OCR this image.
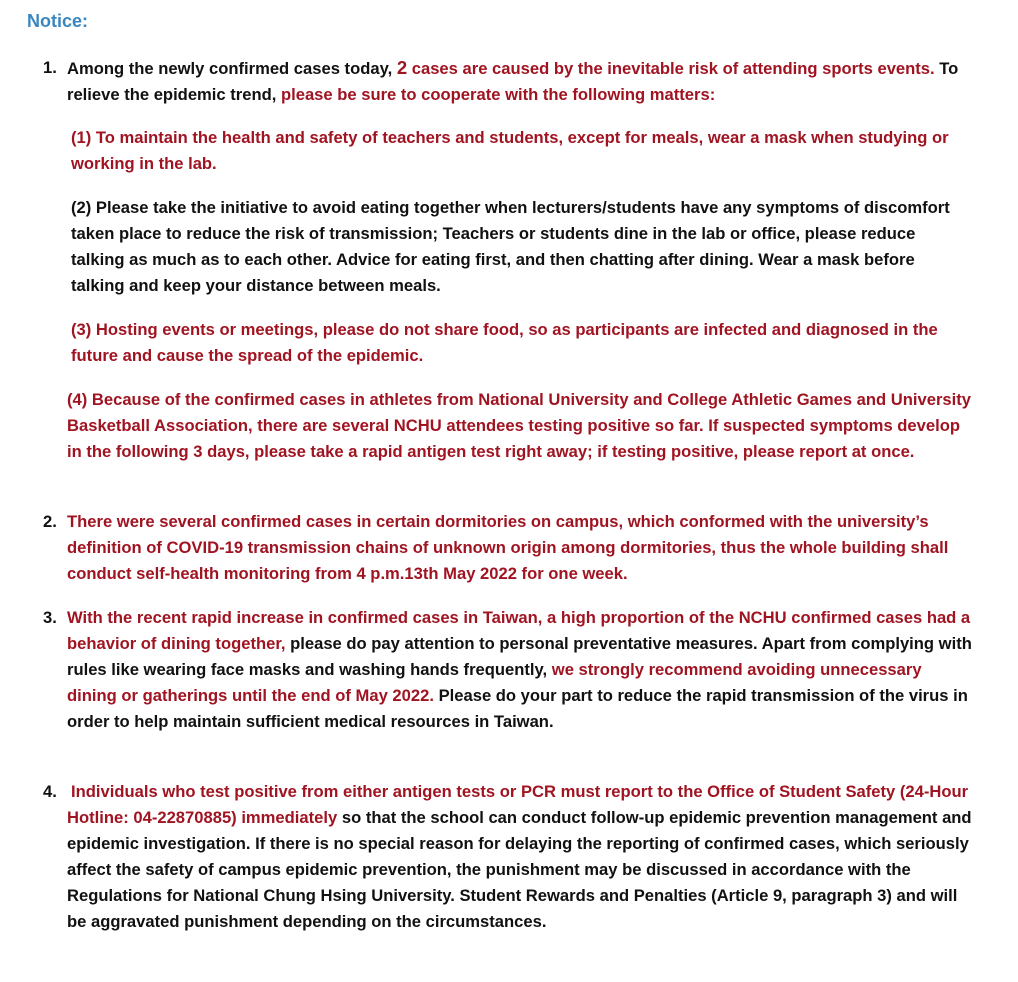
Notice:
1. Among the newly confirmed cases today, 2 cases are caused by the inevitable risk of attending sports events. To relieve the epidemic trend, please be sure to cooperate with the following matters:

(1) To maintain the health and safety of teachers and students, except for meals, wear a mask when studying or working in the lab.
(2) Please take the initiative to avoid eating together when lecturers/students have any symptoms of discomfort taken place to reduce the risk of transmission; Teachers or students dine in the lab or office, please reduce talking as much as to each other. Advice for eating first, and then chatting after dining. Wear a mask before talking and keep your distance between meals.
(3) Hosting events or meetings, please do not share food, so as participants are infected and diagnosed in the future and cause the spread of the epidemic.
(4) Because of the confirmed cases in athletes from National University and College Athletic Games and University Basketball Association, there are several NCHU attendees testing positive so far. If suspected symptoms develop in the following 3 days, please take a rapid antigen test right away; if testing positive, please report at once.
2. There were several confirmed cases in certain dormitories on campus, which conformed with the university’s definition of COVID-19 transmission chains of unknown origin among dormitories, thus the whole building shall conduct self-health monitoring from 4 p.m.13th May 2022 for one week.

3. With the recent rapid increase in confirmed cases in Taiwan, a high proportion of the NCHU confirmed cases had a behavior of dining together, please do pay attention to personal preventative measures. Apart from complying with rules like wearing face masks and washing hands frequently, we strongly recommend avoiding unnecessary dining or gatherings until the end of May 2022. Please do your part to reduce the rapid transmission of the virus in order to help maintain sufficient medical resources in Taiwan.

4. Individuals who test positive from either antigen tests or PCR must report to the Office of Student Safety (24-Hour Hotline: 04-22870885) immediately so that the school can conduct follow-up epidemic prevention management and epidemic investigation. If there is no special reason for delaying the reporting of confirmed cases, which seriously affect the safety of campus epidemic prevention, the punishment may be discussed in accordance with the Regulations for National Chung Hsing University. Student Rewards and Penalties (Article 9, paragraph 3) and will be aggravated punishment depending on the circumstances.
